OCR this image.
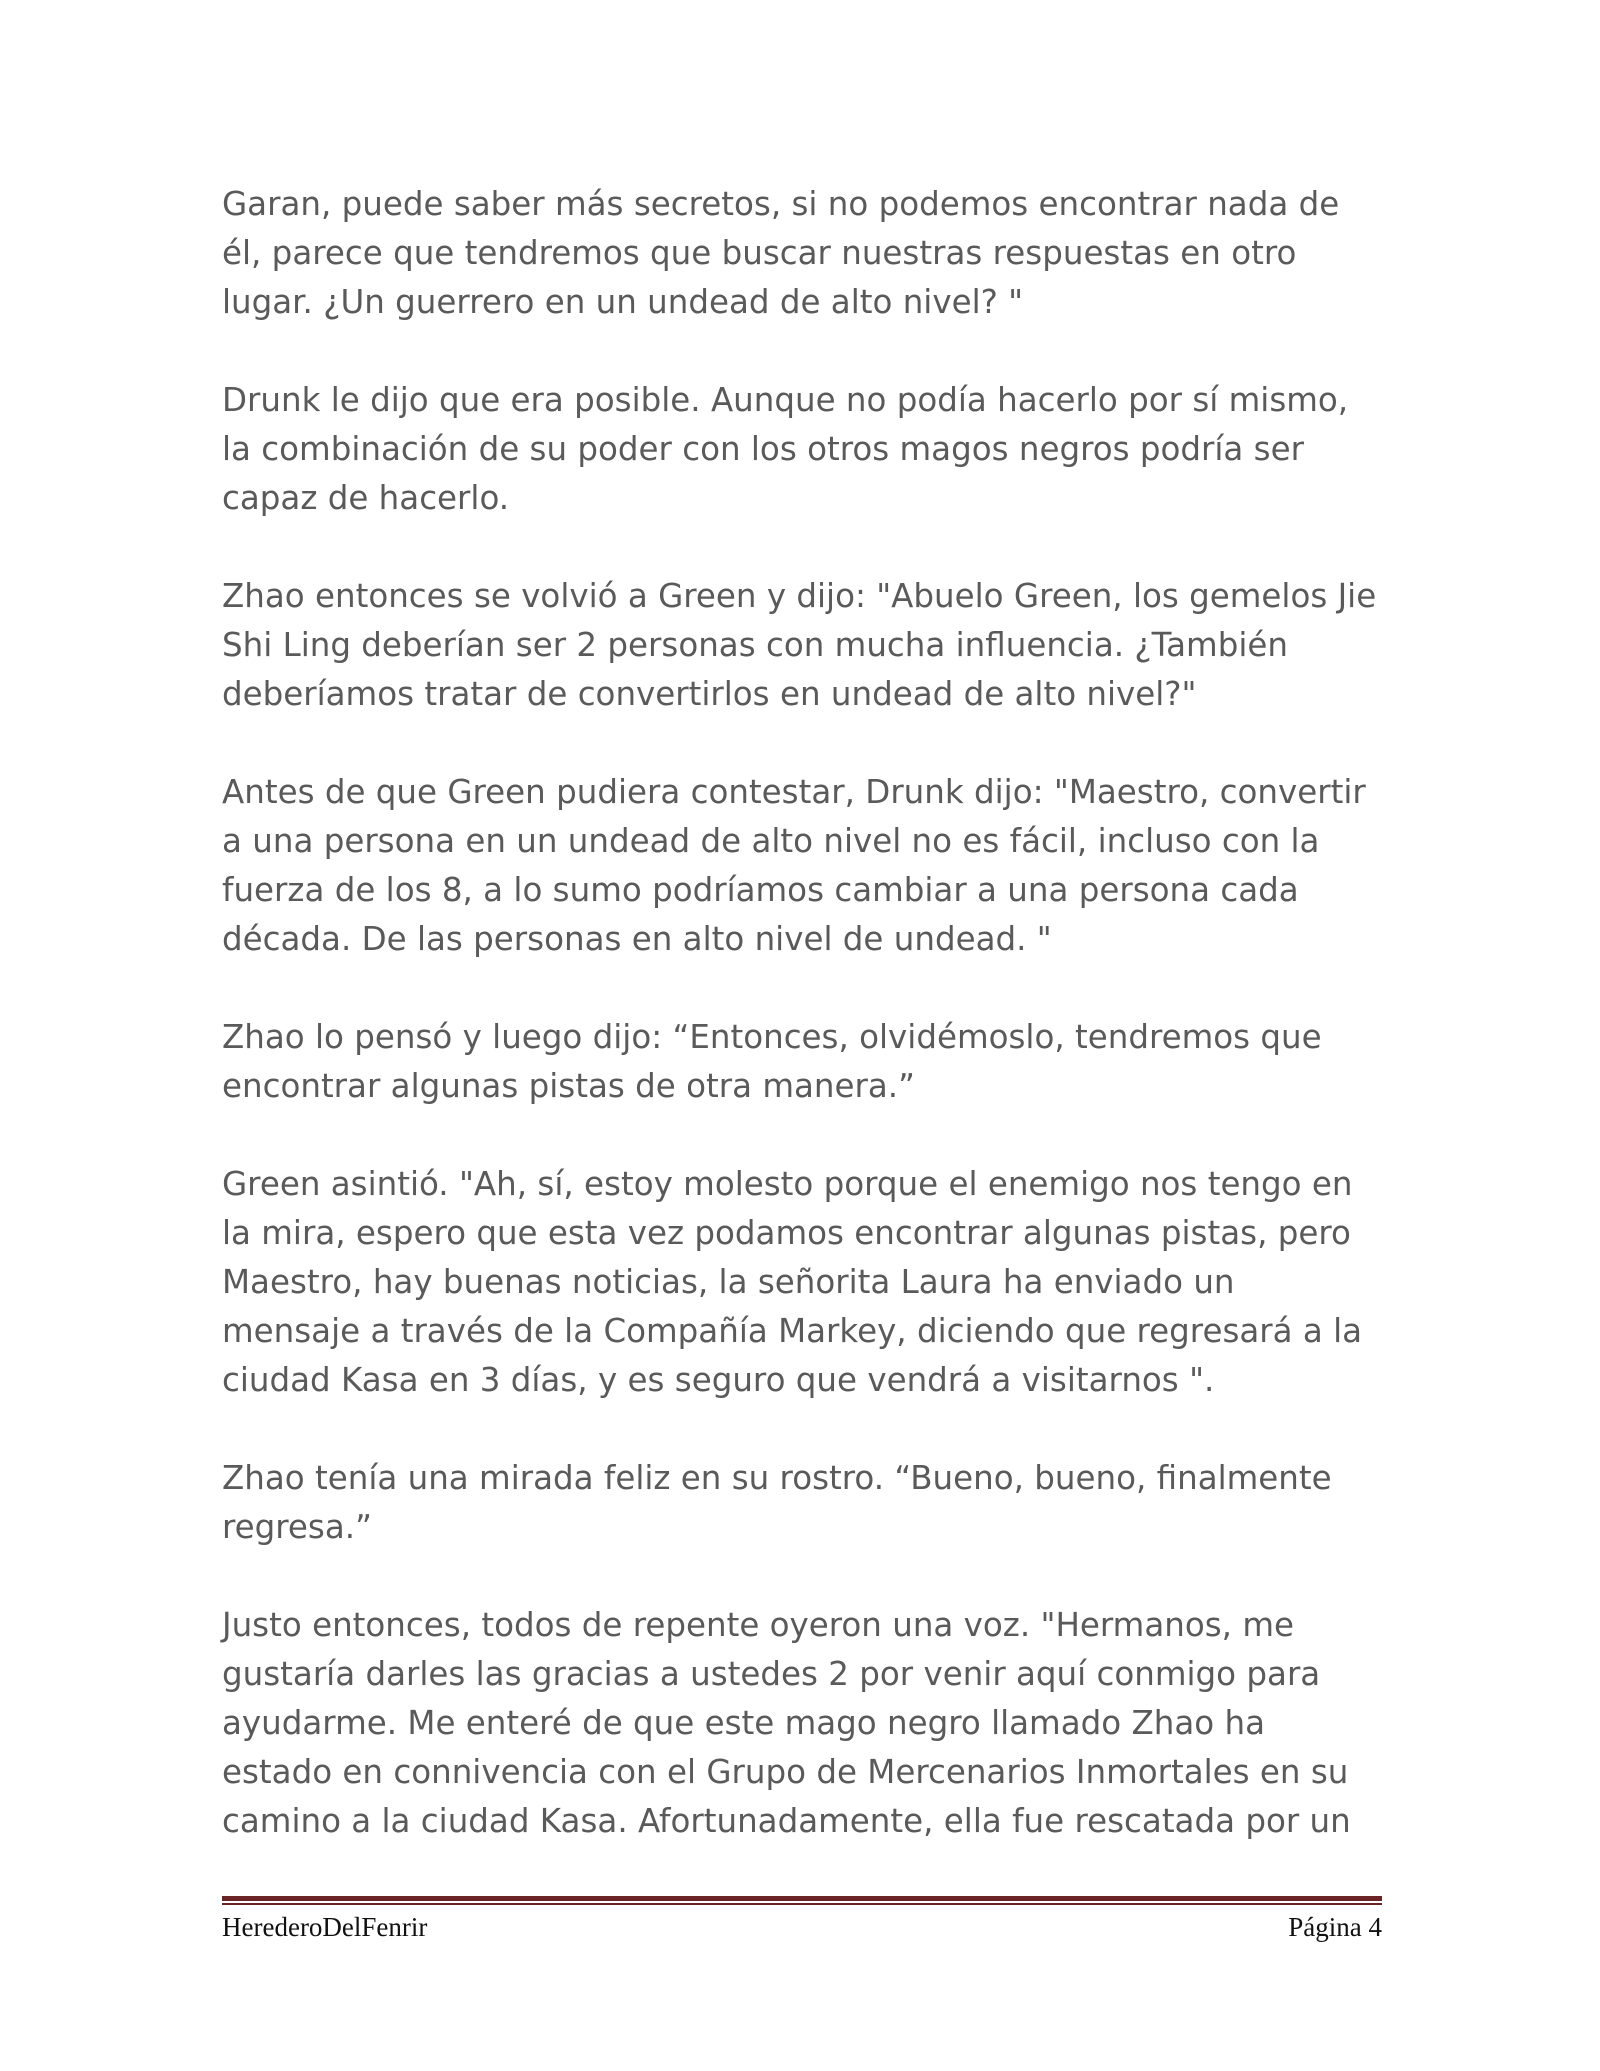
Garan, puede saber más secretos, si no podemos encontrar nada de él, parece que tendremos que buscar nuestras respuestas en otro lugar. ¿Un guerrero en un undead de alto nivel? "

Drunk le dijo que era posible. Aunque no podía hacerlo por sí mismo, la combinación de su poder con los otros magos negros podría ser capaz de hacerlo.

Zhao entonces se volvió a Green y dijo: "Abuelo Green, los gemelos Jie Shi Ling deberían ser 2 personas con mucha influencia. ¿También deberíamos tratar de convertirlos en undead de alto nivel?"

Antes de que Green pudiera contestar, Drunk dijo: "Maestro, convertir a una persona en un undead de alto nivel no es fácil, incluso con la fuerza de los 8, a lo sumo podríamos cambiar a una persona cada década. De las personas en alto nivel de undead. "

Zhao lo pensó y luego dijo: “Entonces, olvidémoslo, tendremos que encontrar algunas pistas de otra manera.”

Green asintió. "Ah, sí, estoy molesto porque el enemigo nos tengo en la mira, espero que esta vez podamos encontrar algunas pistas, pero Maestro, hay buenas noticias, la señorita Laura ha enviado un mensaje a través de la Compañía Markey, diciendo que regresará a la ciudad Kasa en 3 días, y es seguro que vendrá a visitarnos ".

Zhao tenía una mirada feliz en su rostro. “Bueno, bueno, finalmente regresa.”

Justo entonces, todos de repente oyeron una voz. "Hermanos, me gustaría darles las gracias a ustedes 2 por venir aquí conmigo para ayudarme. Me enteré de que este mago negro llamado Zhao ha estado en connivencia con el Grupo de Mercenarios Inmortales en su camino a la ciudad Kasa. Afortunadamente, ella fue rescatada por un

HerederoDelFenrir	Página 4
